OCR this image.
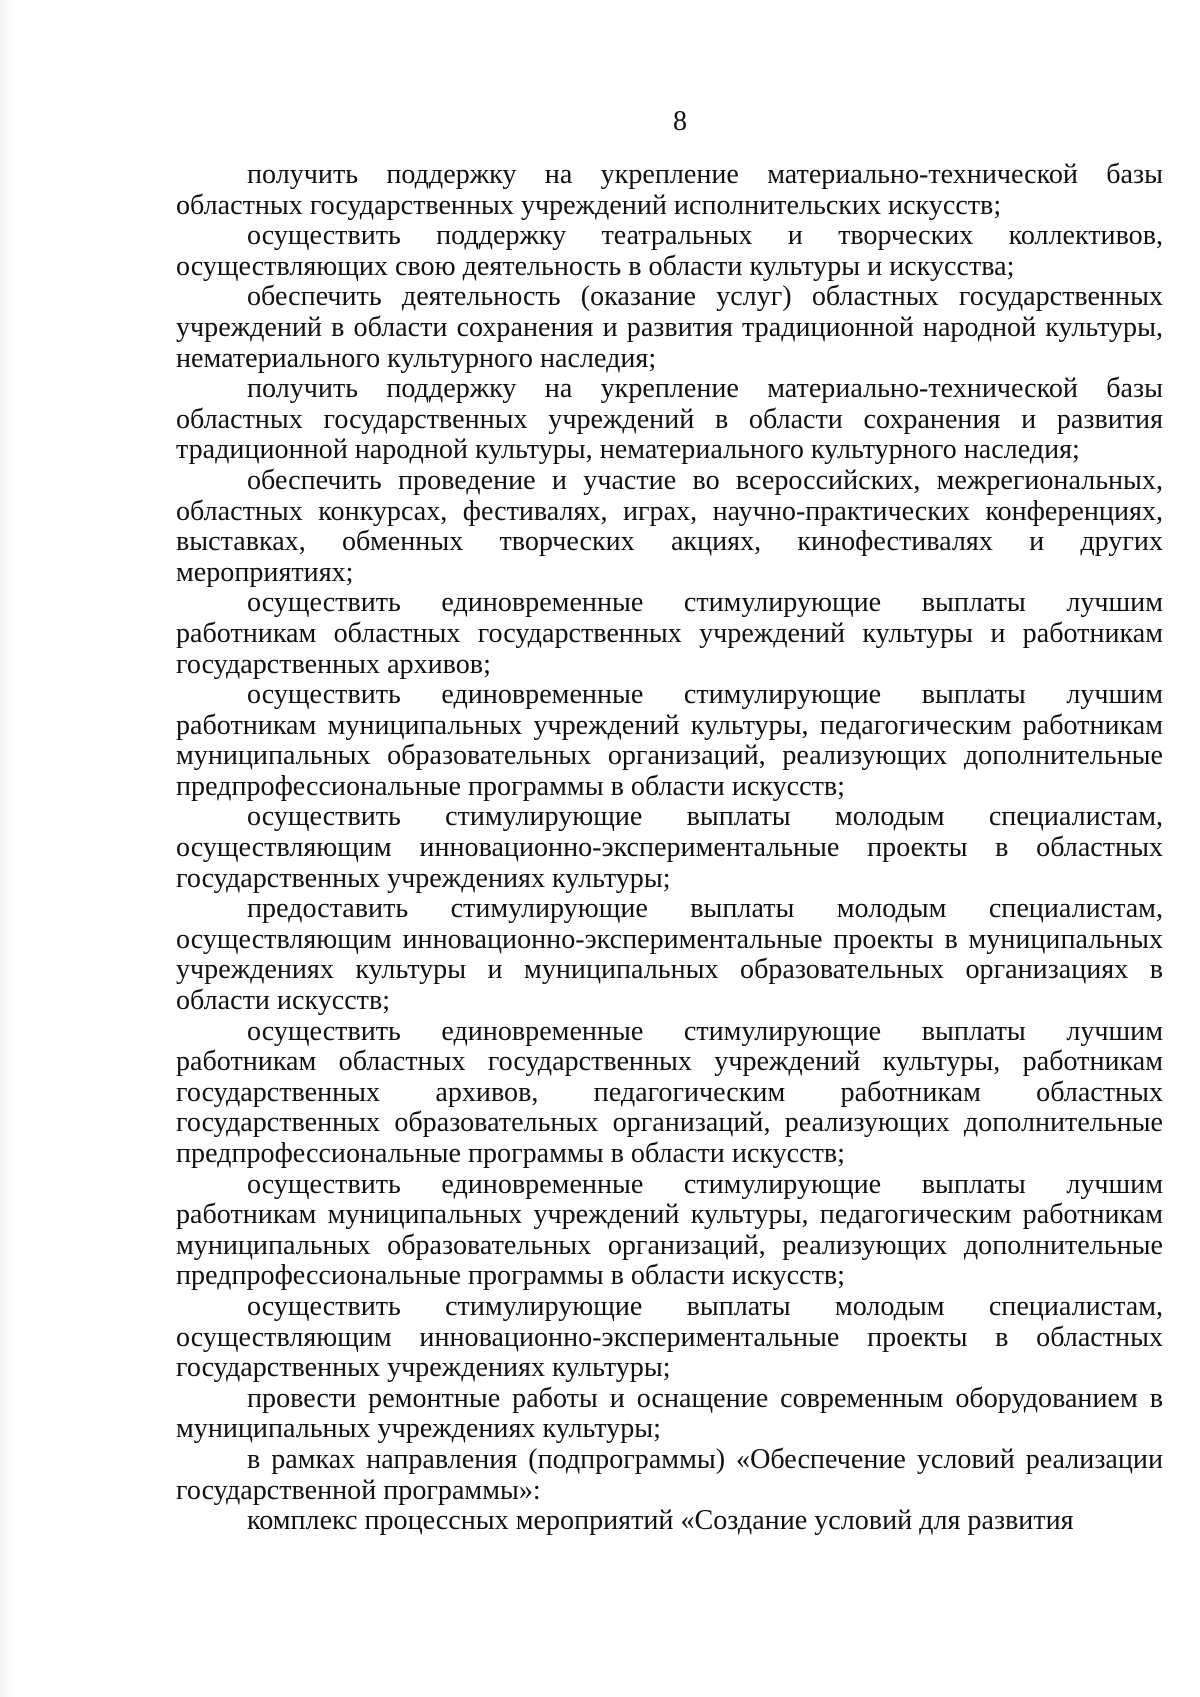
8

получить поддержку на укрепление материально-технической базы областных государственных учреждений исполнительских искусств;

осуществить поддержку театральных и творческих коллективов, осуществляющих свою деятельность в области культуры и искусства;

обеспечить деятельность (оказание услуг) областных государственных учреждений в области сохранения и развития традиционной народной культуры, нематериального культурного наследия;

получить поддержку на укрепление материально-технической базы областных государственных учреждений в области сохранения и развития традиционной народной культуры, нематериального культурного наследия;

обеспечить проведение и участие во всероссийских, межрегиональных, областных конкурсах, фестивалях, играх, научно-практических конференциях, выставках, обменных творческих акциях, кинофестивалях и других мероприятиях;

осуществить единовременные стимулирующие выплаты лучшим работникам областных государственных учреждений культуры и работникам государственных архивов;

осуществить единовременные стимулирующие выплаты лучшим работникам муниципальных учреждений культуры, педагогическим работникам муниципальных образовательных организаций, реализующих дополнительные предпрофессиональные программы в области искусств;

осуществить стимулирующие выплаты молодым специалистам, осуществляющим инновационно-экспериментальные проекты в областных государственных учреждениях культуры;

предоставить стимулирующие выплаты молодым специалистам, осуществляющим инновационно-экспериментальные проекты в муниципальных учреждениях культуры и муниципальных образовательных организациях в области искусств;

осуществить единовременные стимулирующие выплаты лучшим работникам областных государственных учреждений культуры, работникам государственных архивов, педагогическим работникам областных государственных образовательных организаций, реализующих дополнительные предпрофессиональные программы в области искусств;

осуществить единовременные стимулирующие выплаты лучшим работникам муниципальных учреждений культуры, педагогическим работникам муниципальных образовательных организаций, реализующих дополнительные предпрофессиональные программы в области искусств;

осуществить стимулирующие выплаты молодым специалистам, осуществляющим инновационно-экспериментальные проекты в областных государственных учреждениях культуры;

провести ремонтные работы и оснащение современным оборудованием в муниципальных учреждениях культуры;

в рамках направления (подпрограммы) «Обеспечение условий реализации государственной программы»:

комплекс процессных мероприятий «Создание условий для развития
